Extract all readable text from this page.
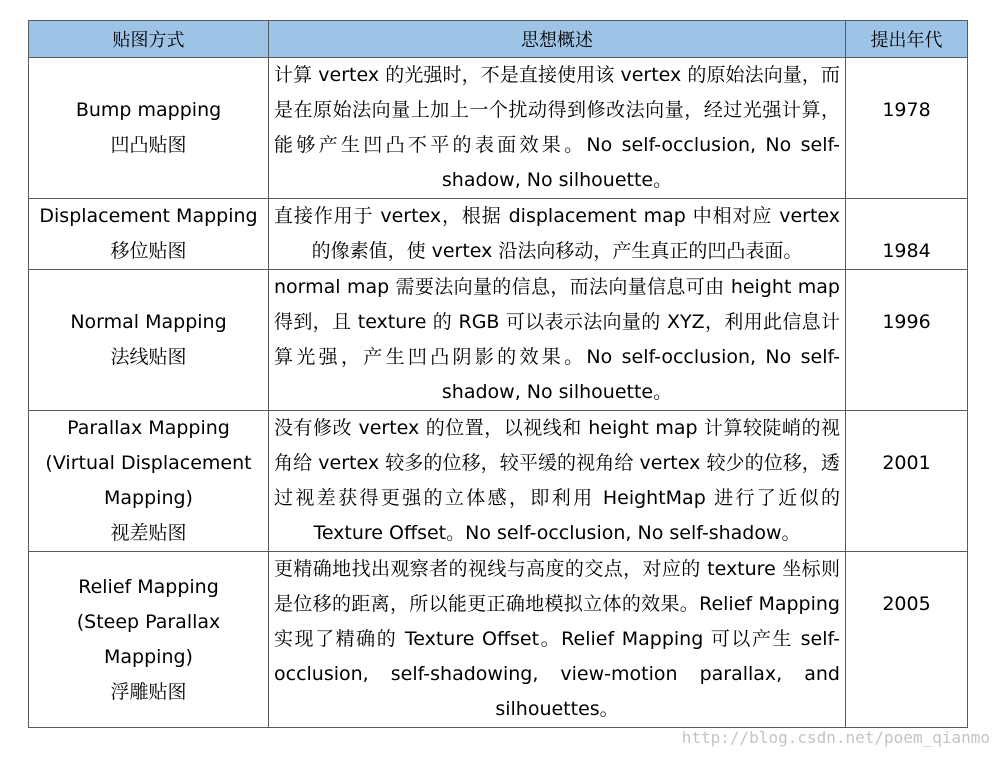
贴图方式	思想概述	提出年代

Bump mapping
凹凸贴图	计算 vertex 的光强时，不是直接使用该 vertex 的原始法向量，而是在原始法向量上加上一个扰动得到修改法向量，经过光强计算，能够产生凹凸不平的表面效果。No self-occlusion, No self-shadow, No silhouette。	1978

Displacement Mapping
移位贴图	直接作用于 vertex，根据 displacement map 中相对应 vertex 的像素值，使 vertex 沿法向移动，产生真正的凹凸表面。	1984

Normal Mapping
法线贴图	normal map 需要法向量的信息，而法向量信息可由 height map 得到，且 texture 的 RGB 可以表示法向量的 XYZ，利用此信息计算光强，产生凹凸阴影的效果。No self-occlusion, No self-shadow, No silhouette。	1996

Parallax Mapping
(Virtual Displacement
Mapping)
视差贴图	没有修改 vertex 的位置，以视线和 height map 计算较陡峭的视角给 vertex 较多的位移，较平缓的视角给 vertex 较少的位移，透过视差获得更强的立体感，即利用 HeightMap 进行了近似的 Texture Offset。No self-occlusion, No self-shadow。	2001

Relief Mapping
(Steep Parallax
Mapping)
浮雕贴图	更精确地找出观察者的视线与高度的交点，对应的 texture 坐标则是位移的距离，所以能更正确地模拟立体的效果。Relief Mapping 实现了精确的 Texture Offset。Relief Mapping 可以产生 self-occlusion, self-shadowing, view-motion parallax, and silhouettes。	2005
http://blog.csdn.net/poem_qianmo
